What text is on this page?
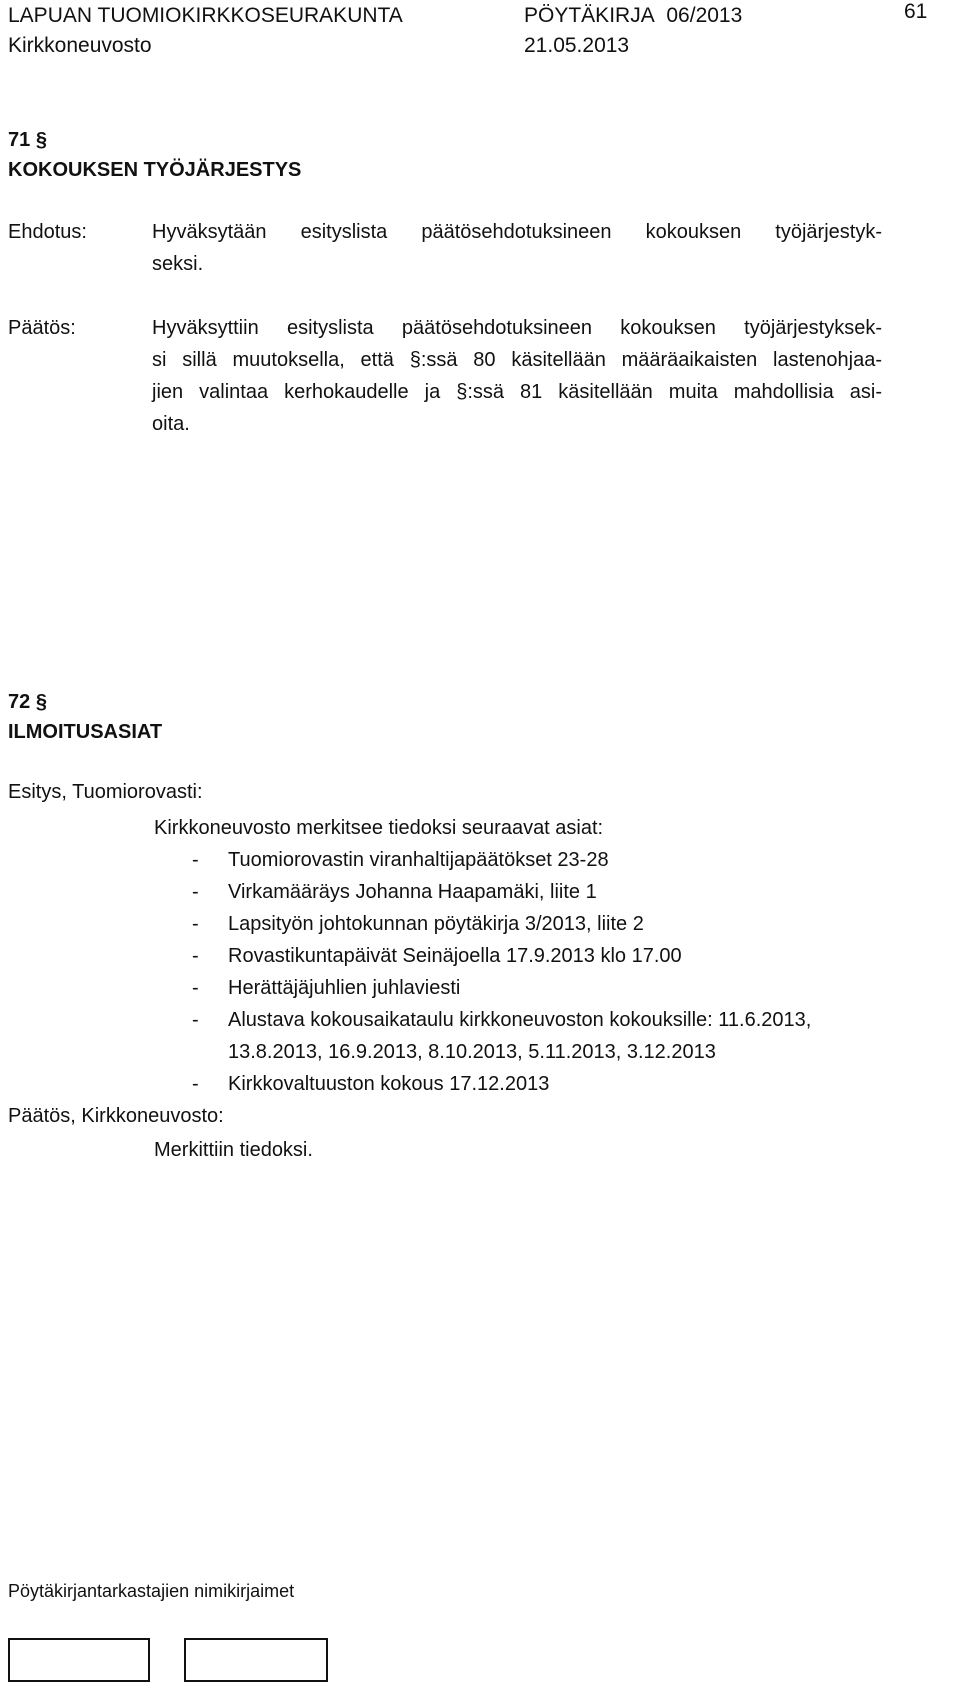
LAPUAN TUOMIOKIRKKOSEURAKUNTA	PÖYTÄKIRJA 06/2013	61
Kirkkoneuvosto	21.05.2013
71 §
KOKOUKSEN TYÖJÄRJESTYS
Ehdotus:	Hyväksytään esityslista päätösehdotuksineen kokouksen työjärjestyk-
seksi.
Päätös:	Hyväksyttiin esityslista päätösehdotuksineen kokouksen työjärjestyksek-
si sillä muutoksella, että §:ssä 80 käsitellään määräaikaisten lastenohjaa-
jien valintaa kerhokaudelle ja §:ssä 81 käsitellään muita mahdollisia asi-
oita.
72 §
ILMOITUSASIAT
Esitys, Tuomiorovasti:
Kirkkoneuvosto merkitsee tiedoksi seuraavat asiat:
- Tuomiorovastin viranhaltijapäätökset 23-28
- Virkamääräys Johanna Haapamäki, liite 1
- Lapsityön johtokunnan pöytäkirja 3/2013, liite 2
- Rovastikuntapäivät Seinäjoella 17.9.2013 klo 17.00
- Herättäjäjuhlien juhlaviesti
- Alustava kokousaikataulu kirkkoneuvoston kokouksille: 11.6.2013,
13.8.2013, 16.9.2013, 8.10.2013, 5.11.2013, 3.12.2013
- Kirkkovaltuuston kokous 17.12.2013
Päätös, Kirkkoneuvosto:
Merkittiin tiedoksi.
Pöytäkirjantarkastajien nimikirjaimet
